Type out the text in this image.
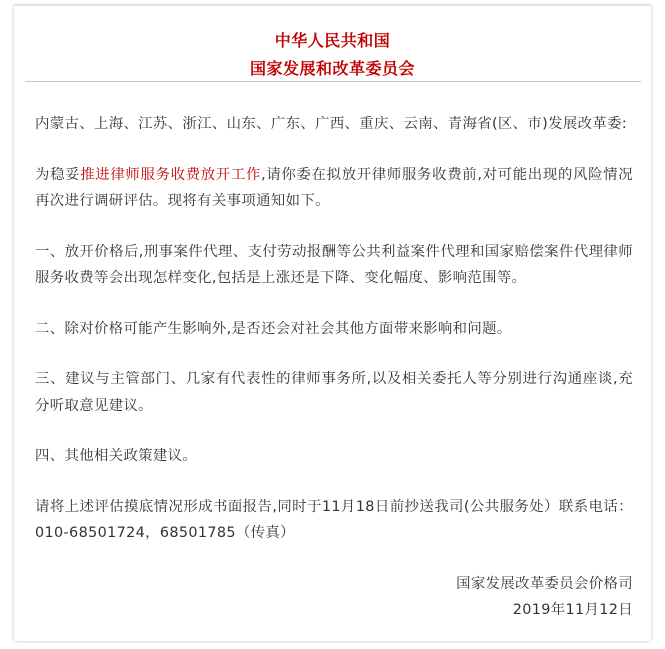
中华人民共和国
国家发展和改革委员会

内蒙古、上海、江苏、浙江、山东、广东、广西、重庆、云南、青海省(区、市)发展改革委:

为稳妥推进律师服务收费放开工作,请你委在拟放开律师服务收费前,对可能出现的风险情况再次进行调研评估。现将有关事项通知如下。

一、放开价格后,刑事案件代理、支付劳动报酬等公共利益案件代理和国家赔偿案件代理律师服务收费等会出现怎样变化,包括是上涨还是下降、变化幅度、影响范围等。

二、除对价格可能产生影响外,是否还会对社会其他方面带来影响和问题。

三、建议与主管部门、几家有代表性的律师事务所,以及相关委托人等分别进行沟通座谈,充分听取意见建议。

四、其他相关政策建议。

请将上述评估摸底情况形成书面报告,同时于11月18日前抄送我司(公共服务处）联系电话：010-68501724，68501785（传真）

国家发展改革委员会价格司

2019年11月12日
